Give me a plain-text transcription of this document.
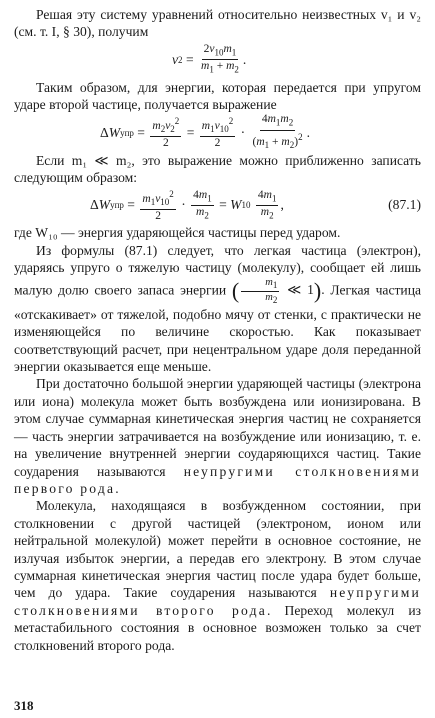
Решая эту систему уравнений относительно неизвестных v₁ и v₂ (см. т. I, § 30), получим

v $2 = \frac{2v_{10}m_1}{m_1 + m_2}$ .

Таким образом, для энергии, которая передается при упругом ударе второй частице, получается выражение

Δ W упр = $\frac{m_2v_2^2}{2} = \frac{m_1v_{10}^2}{2} \cdot \frac{4m_1m_2}{(m_1 + m_2)^2}$ .

Если m₁ ≪ m₂, это выражение можно приближенно записать следующим образом:

Δ W упр = $\frac{m_1v_{10}^2}{2} \cdot \frac{4m_1}{m_2} = W$ 10
$\frac{4m_1}{m_2}$ ,	(87.1)

где W₁₀ — энергия ударяющейся частицы перед ударом.

Из формулы (87.1) следует, что легкая частица (электрон), ударяясь упруго о тяжелую частицу (молекулу), сообщает ей лишь малую долю своего запаса энергии ( $\frac{m_1}{m_2}$ ≪ 1). Легкая частица «отскакивает» от тяжелой, подобно мячу от стенки, с практически не изменяющейся по величине скоростью. Как показывает соответствующий расчет, при нецентральном ударе доля переданной энергии оказывается еще меньше.

При достаточно большой энергии ударяющей частицы (электрона или иона) молекула может быть возбуждена или ионизирована. В этом случае суммарная кинетическая энергия частиц не сохраняется — часть энергии затрачивается на возбуждение или ионизацию, т. е. на увеличение внутренней энергии соударяющихся частиц. Такие соударения называются неупругими столкновениями первого рода.

Молекула, находящаяся в возбужденном состоянии, при столкновении с другой частицей (электроном, ионом или нейтральной молекулой) может перейти в основное состояние, не излучая избыток энергии, а передав его электрону. В этом случае суммарная кинетическая энергия частиц после удара будет больше, чем до удара. Такие соударения называются неупругими столкновениями второго рода. Переход молекул из метастабильного состояния в основное возможен только за счет столкновений второго рода.

318
